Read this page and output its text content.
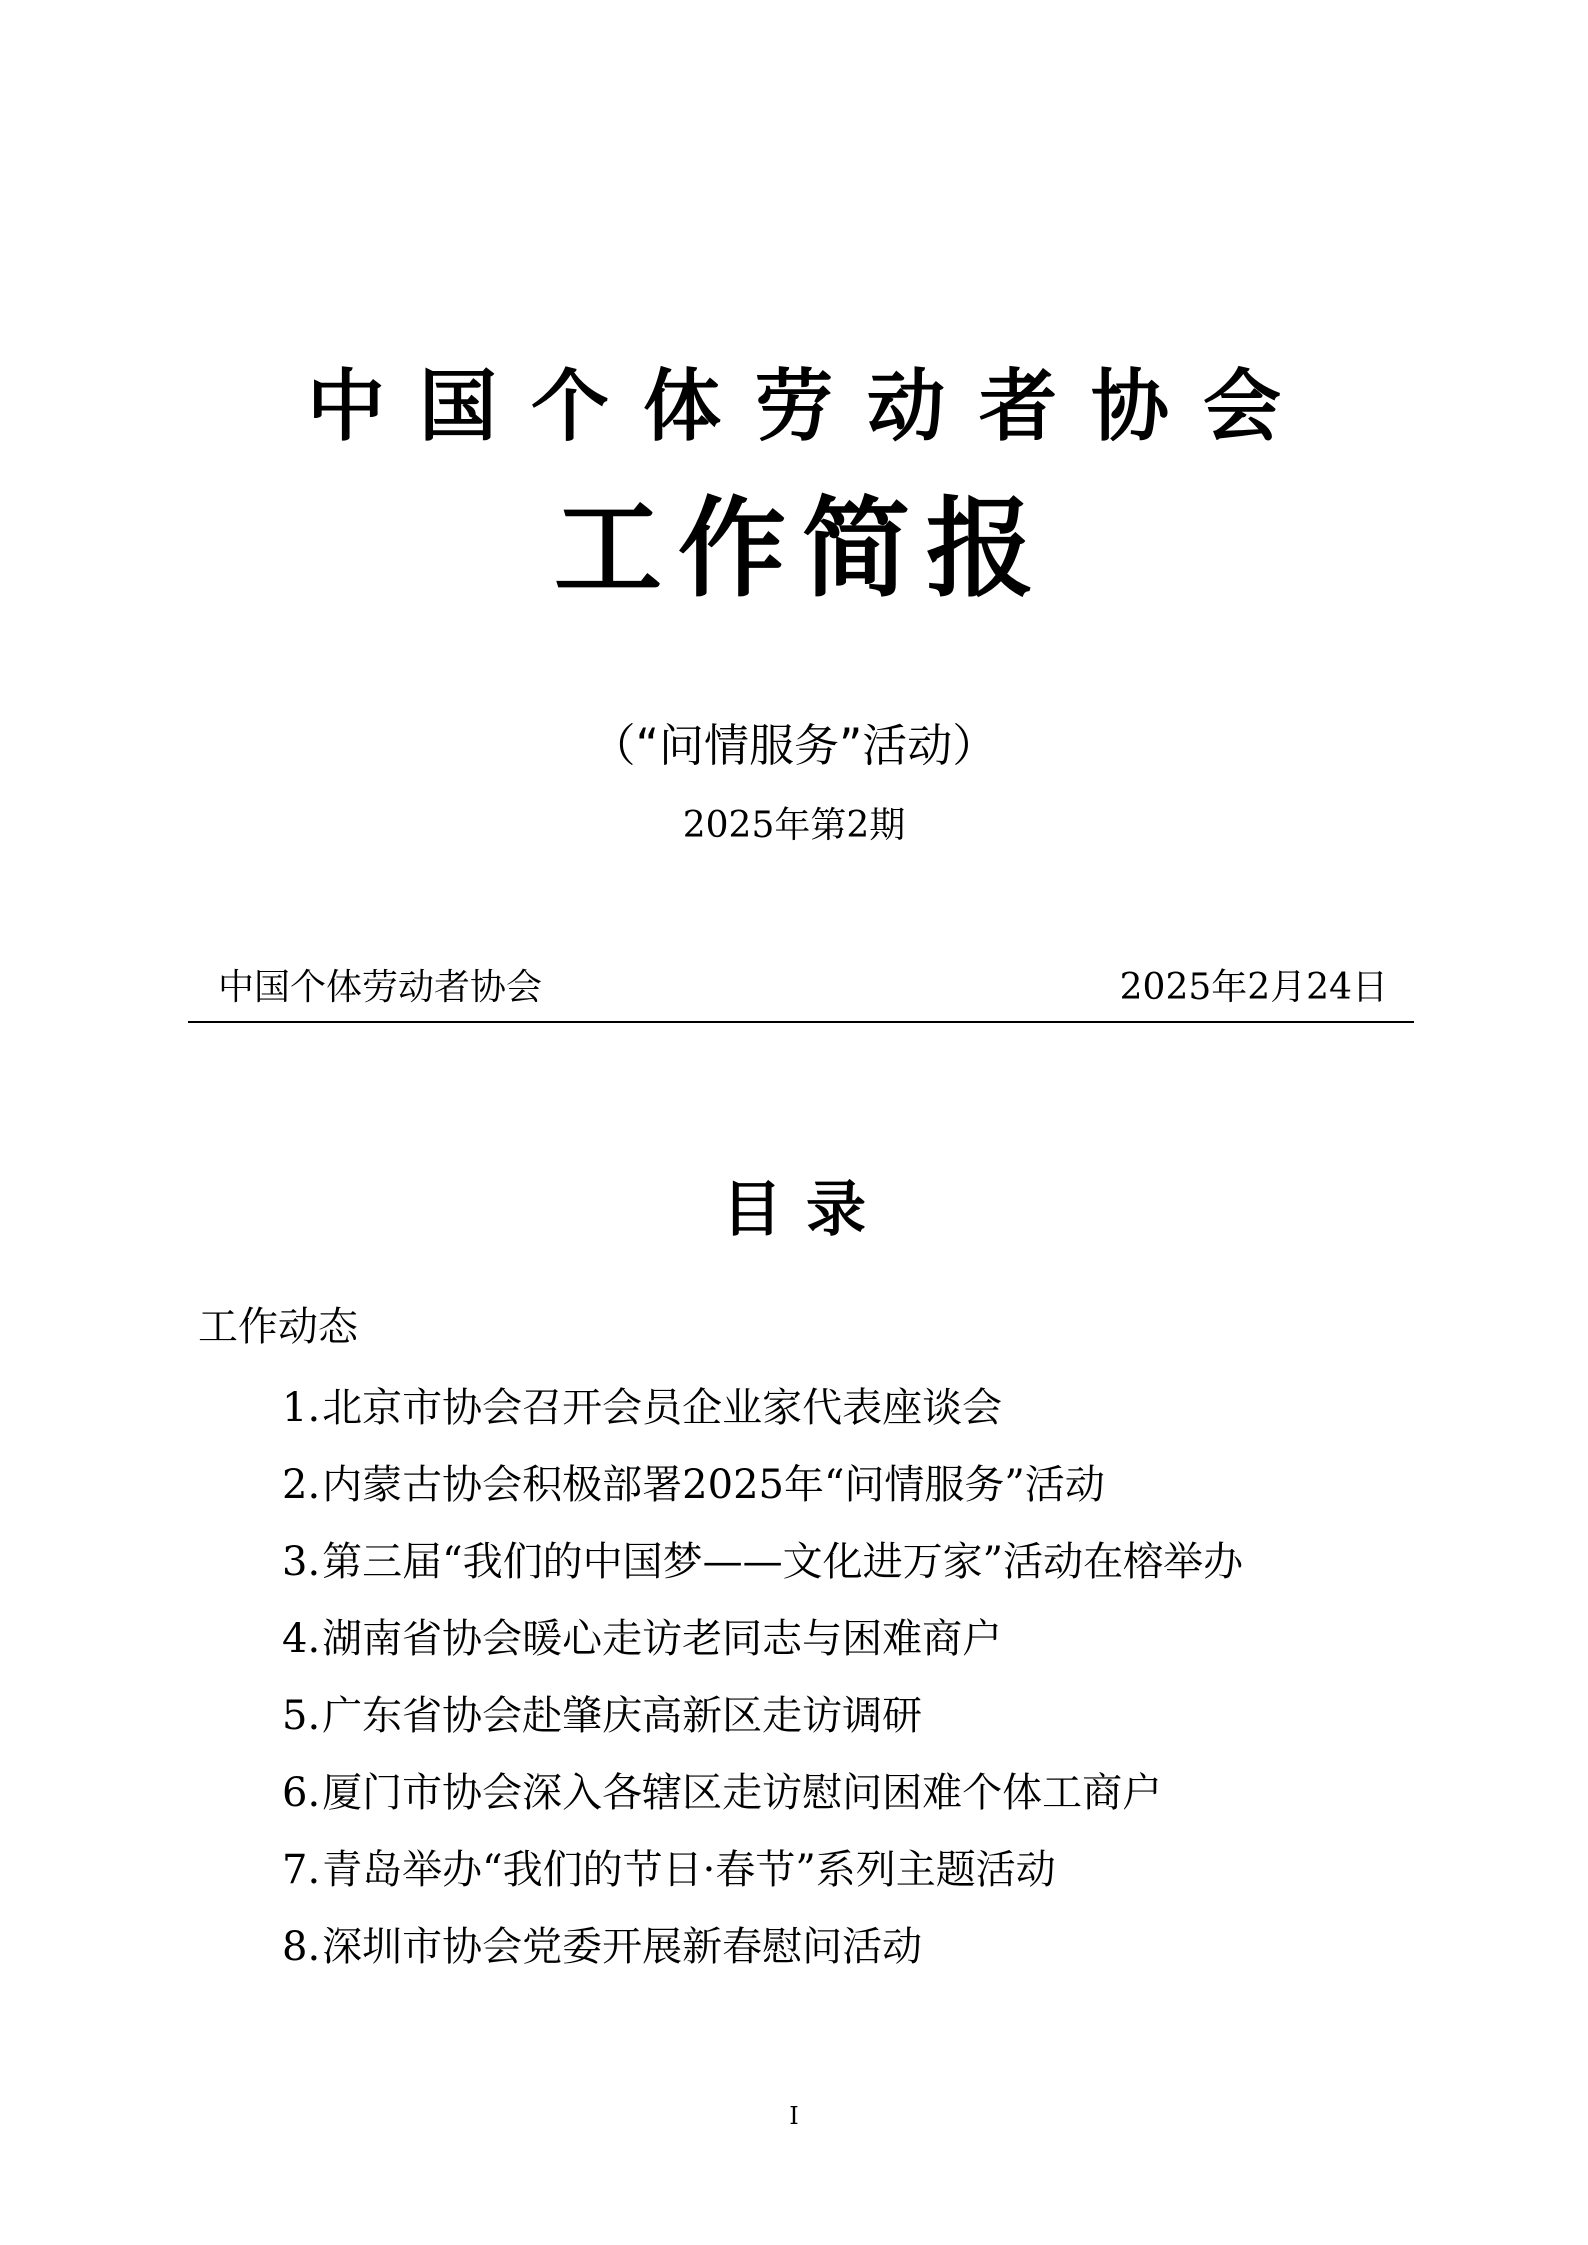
中国个体劳动者协会
工作简报
（“问情服务”活动）
2025年第2期
中国个体劳动者协会	2025年2月24日
目录
工作动态
1.北京市协会召开会员企业家代表座谈会
2.内蒙古协会积极部署2025年“问情服务”活动
3.第三届“我们的中国梦——文化进万家”活动在榕举办
4.湖南省协会暖心走访老同志与困难商户
5.广东省协会赴肇庆高新区走访调研
6.厦门市协会深入各辖区走访慰问困难个体工商户
7.青岛举办“我们的节日·春节”系列主题活动
8.深圳市协会党委开展新春慰问活动
I
